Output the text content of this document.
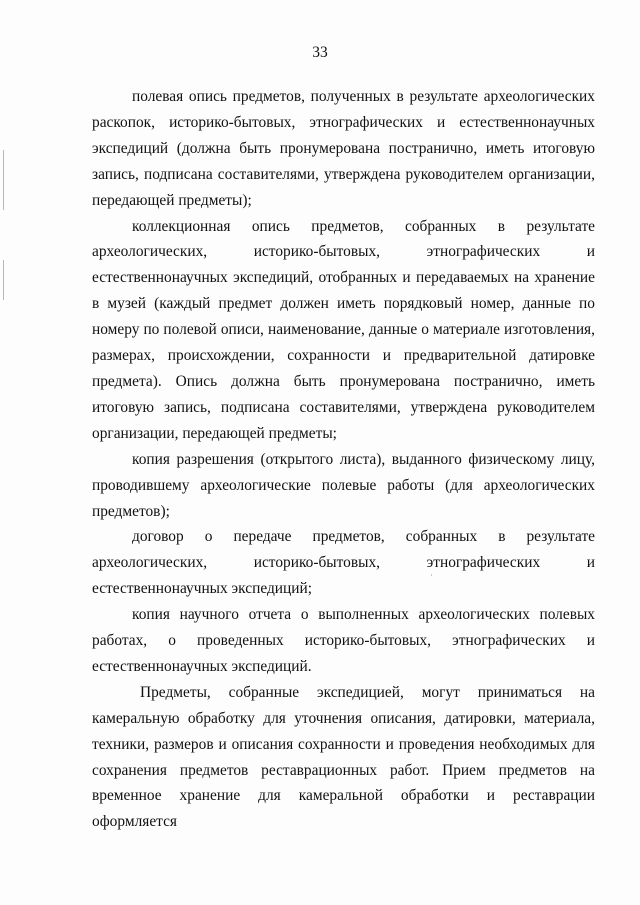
33

полевая опись предметов, полученных в результате археологических раскопок, историко-бытовых, этнографических и естественнонаучных экспедиций (должна быть пронумерована постранично, иметь итоговую запись, подписана составителями, утверждена руководителем организации, передающей предметы);

коллекционная опись предметов, собранных в результате археологических, историко-бытовых, этнографических и естественнонаучных экспедиций, отобранных и передаваемых на хранение в музей (каждый предмет должен иметь порядковый номер, данные по номеру по полевой описи, наименование, данные о материале изготовления, размерах, происхождении, сохранности и предварительной датировке предмета). Опись должна быть пронумерована постранично, иметь итоговую запись, подписана составителями, утверждена руководителем организации, передающей предметы;

копия разрешения (открытого листа), выданного физическому лицу, проводившему археологические полевые работы (для археологических предметов);

договор о передаче предметов, собранных в результате археологических, историко-бытовых, этнографических и естественнонаучных экспедиций;

копия научного отчета о выполненных археологических полевых работах, о проведенных историко-бытовых, этнографических и естественнонаучных экспедиций.

Предметы, собранные экспедицией, могут приниматься на камеральную обработку для уточнения описания, датировки, материала, техники, размеров и описания сохранности и проведения необходимых для сохранения предметов реставрационных работ. Прием предметов на временное хранение для камеральной обработки и реставрации оформляется
